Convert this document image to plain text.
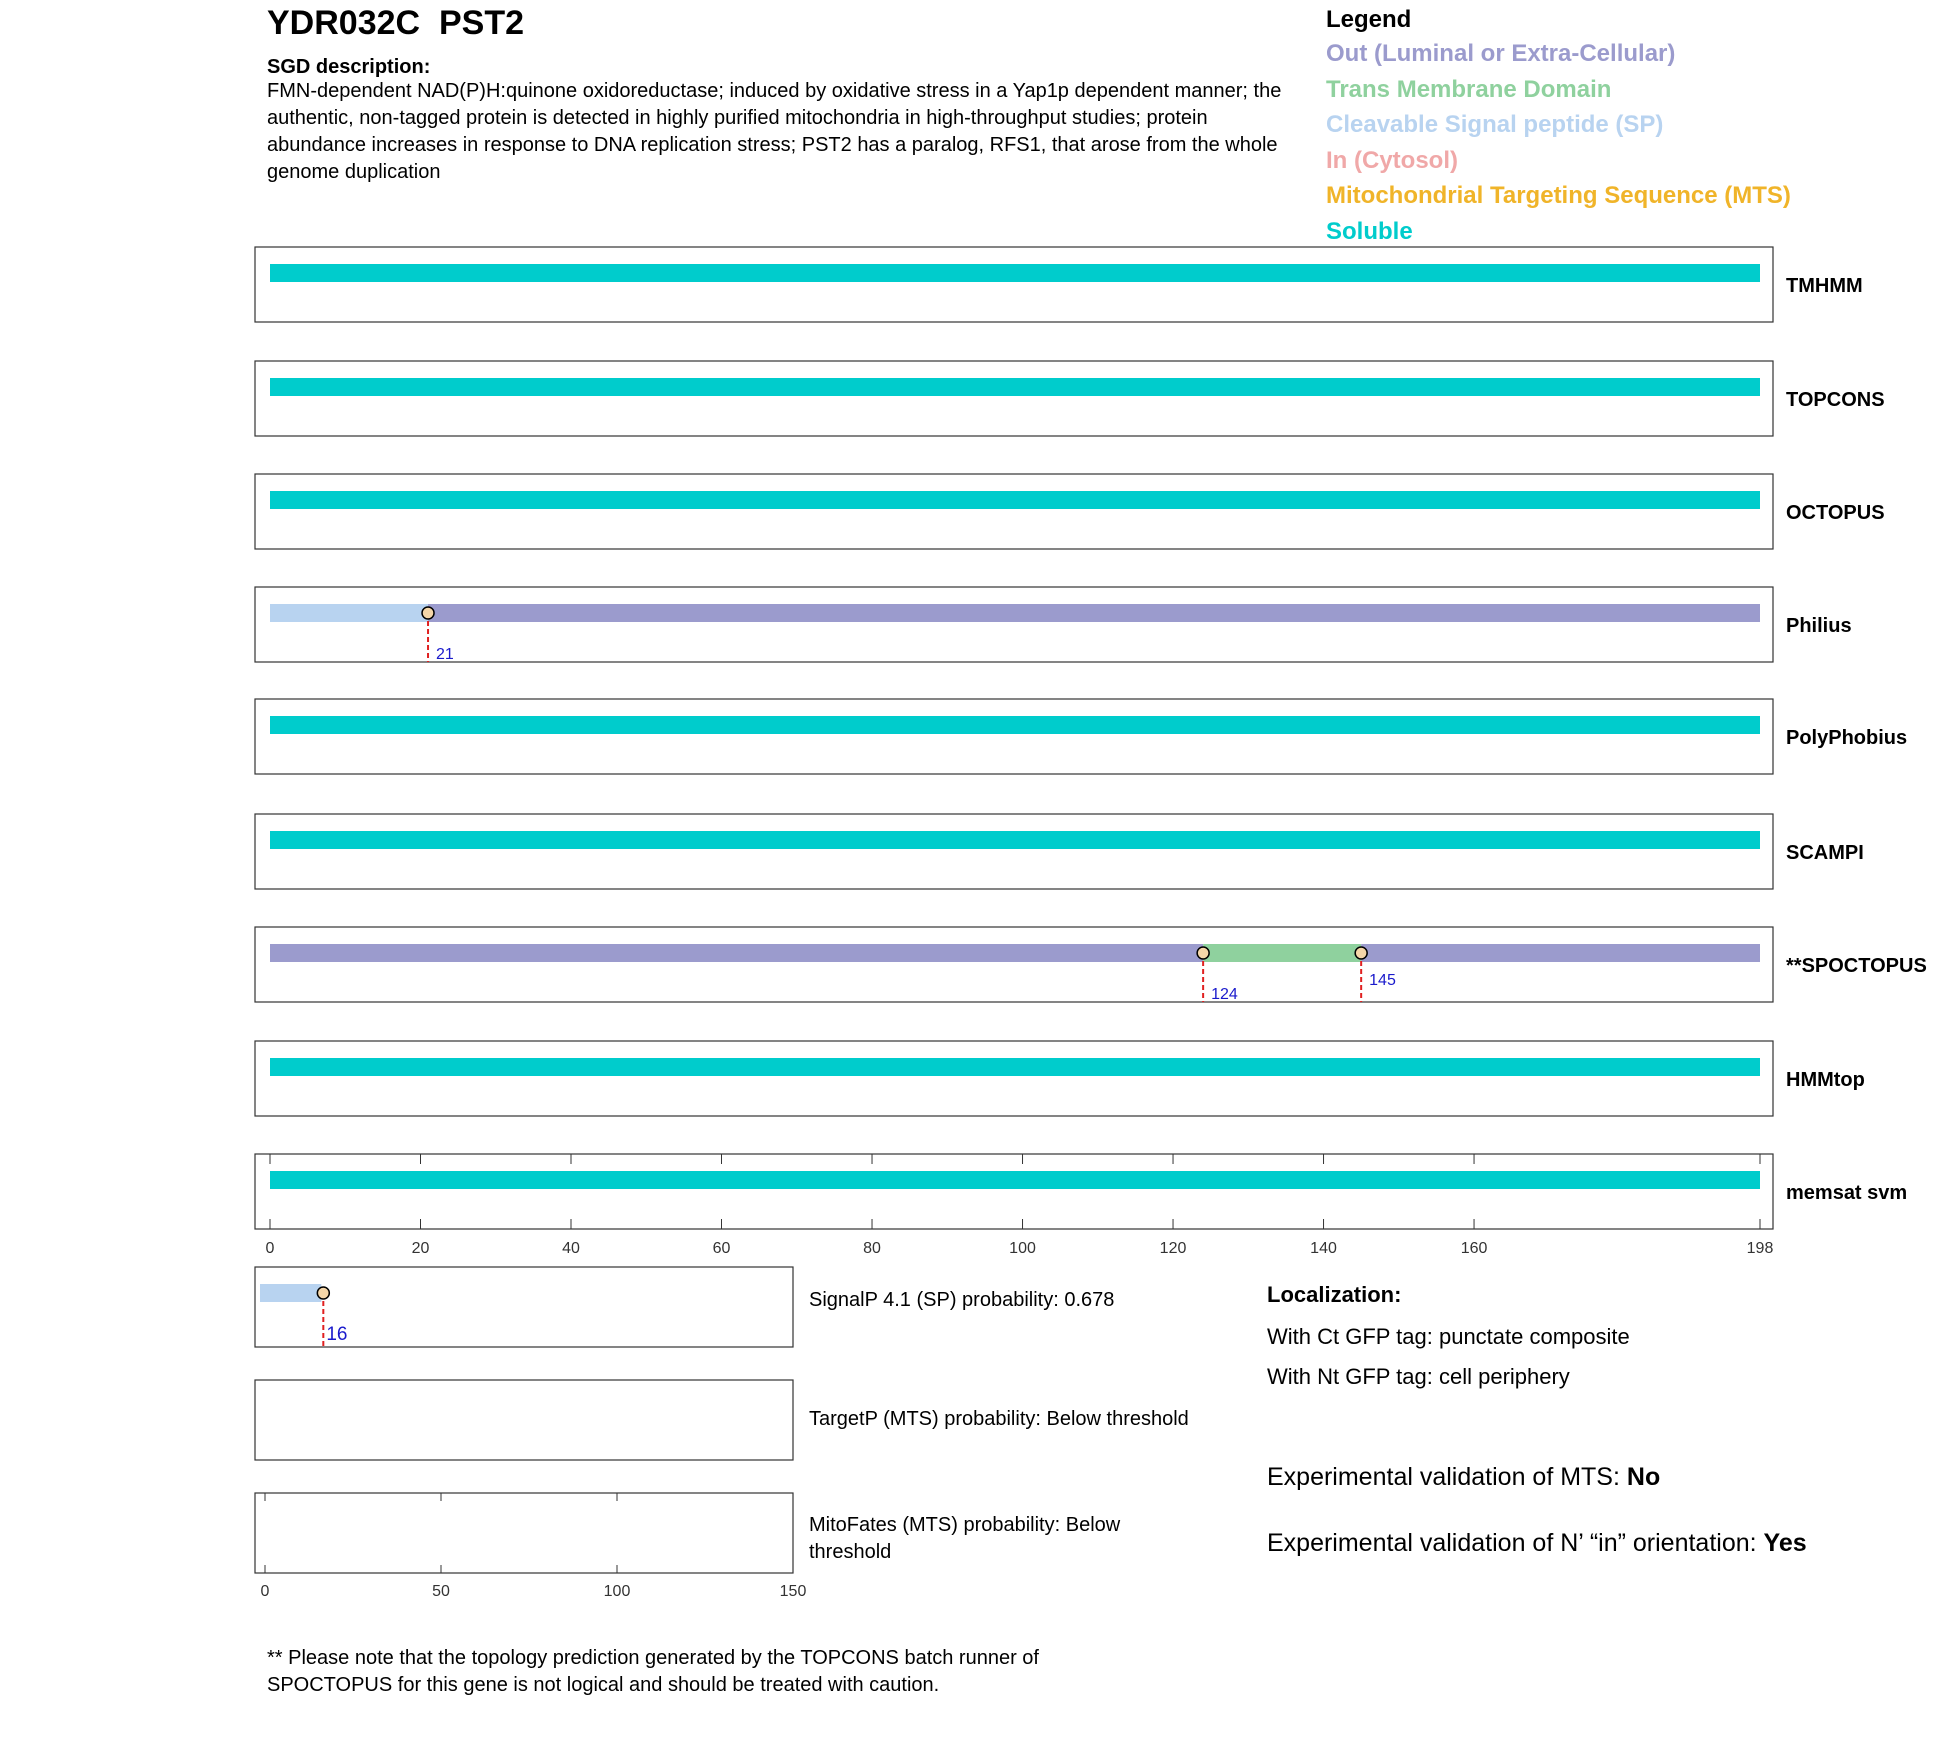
YDR032C  PST2
SGD description:
FMN-dependent NAD(P)H:quinone oxidoreductase; induced by oxidative stress in a Yap1p dependent manner; the authentic, non-tagged protein is detected in highly purified mitochondria in high-throughput studies; protein abundance increases in response to DNA replication stress; PST2 has a paralog, RFS1, that arose from the whole genome duplication
Legend
Out (Luminal or Extra-Cellular)
Trans Membrane Domain
Cleavable Signal peptide (SP)
In (Cytosol)
Mitochondrial Targeting Sequence (MTS)
Soluble
21
124
145
0	20	40	60	80	100	120	140	160	198
16
0	50	100	150
TMHMM
TOPCONS
OCTOPUS
Philius
PolyPhobius
SCAMPI
**SPOCTOPUS
HMMtop
memsat svm
SignalP 4.1 (SP) probability: 0.678
TargetP (MTS) probability: Below threshold
MitoFates (MTS) probability: Below threshold
Localization:
With Ct GFP tag: punctate composite
With Nt GFP tag: cell periphery
Experimental validation of MTS: No
Experimental validation of N’ “in” orientation: Yes
** Please note that the topology prediction generated by the TOPCONS batch runner of SPOCTOPUS for this gene is not logical and should be treated with caution.
